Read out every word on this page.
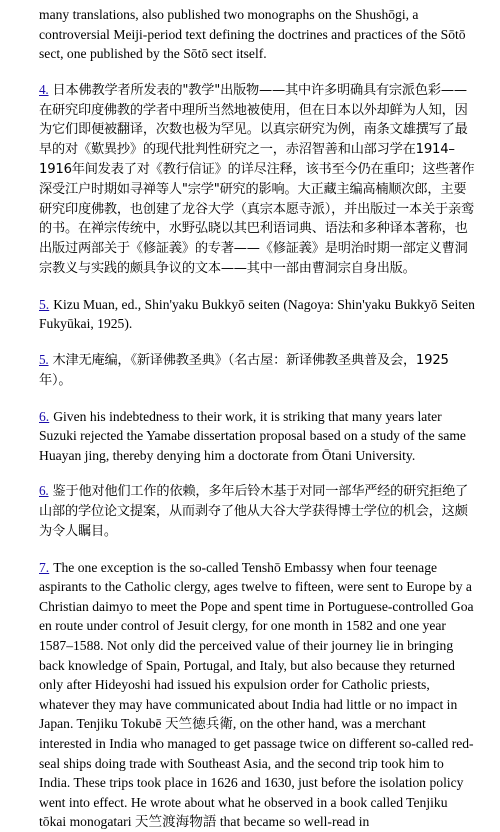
many translations, also published two monographs on the Shushōgi, a controversial Meiji-period text defining the doctrines and practices of the Sōtō sect, one published by the Sōtō sect itself.

4. 日本佛教学者所发表的"教学"出版物——其中许多明确具有宗派色彩——在研究印度佛教的学者中理所当然地被使用，但在日本以外却鲜为人知，因为它们即便被翻译，次数也极为罕见。以真宗研究为例，南条文雄撰写了最早的对《歎異抄》的现代批判性研究之一，赤沼智善和山部习学在1914–1916年间发表了对《教行信证》的详尽注释，该书至今仍在重印；这些著作深受江户时期如寻禅等人"宗学"研究的影响。大正藏主编高楠顺次郎，主要研究印度佛教，也创建了龙谷大学（真宗本愿寺派），并出版过一本关于亲鸾的书。在禅宗传统中，水野弘晓以其巴利语词典、语法和多种译本著称，也出版过两部关于《修証義》的专著——《修証義》是明治时期一部定义曹洞宗教义与实践的颇具争议的文本——其中一部由曹洞宗自身出版。

5. Kizu Muan, ed., Shin'yaku Bukkyō seiten (Nagoya: Shin'yaku Bukkyō Seiten Fukyūkai, 1925).

5. 木津无庵编，《新译佛教圣典》（名古屋：新译佛教圣典普及会，1925年）。

6. Given his indebtedness to their work, it is striking that many years later Suzuki rejected the Yamabe dissertation proposal based on a study of the same Huayan jing, thereby denying him a doctorate from Ōtani University.

6. 鉴于他对他们工作的依赖，多年后铃木基于对同一部华严经的研究拒绝了山部的学位论文提案，从而剥夺了他从大谷大学获得博士学位的机会，这颇为令人瞩目。

7. The one exception is the so-called Tenshō Embassy when four teenage aspirants to the Catholic clergy, ages twelve to fifteen, were sent to Europe by a Christian daimyo to meet the Pope and spent time in Portuguese-controlled Goa en route under control of Jesuit clergy, for one month in 1582 and one year 1587–1588. Not only did the perceived value of their journey lie in bringing back knowledge of Spain, Portugal, and Italy, but also because they returned only after Hideyoshi had issued his expulsion order for Catholic priests, whatever they may have communicated about India had little or no impact in Japan. Tenjiku Tokubē 天竺徳兵衛, on the other hand, was a merchant interested in India who managed to get passage twice on different so-called red-seal ships doing trade with Southeast Asia, and the second trip took him to India. These trips took place in 1626 and 1630, just before the isolation policy went into effect. He wrote about what he observed in a book called Tenjiku tōkai monogatari 天竺渡海物語 that became so well-read in
